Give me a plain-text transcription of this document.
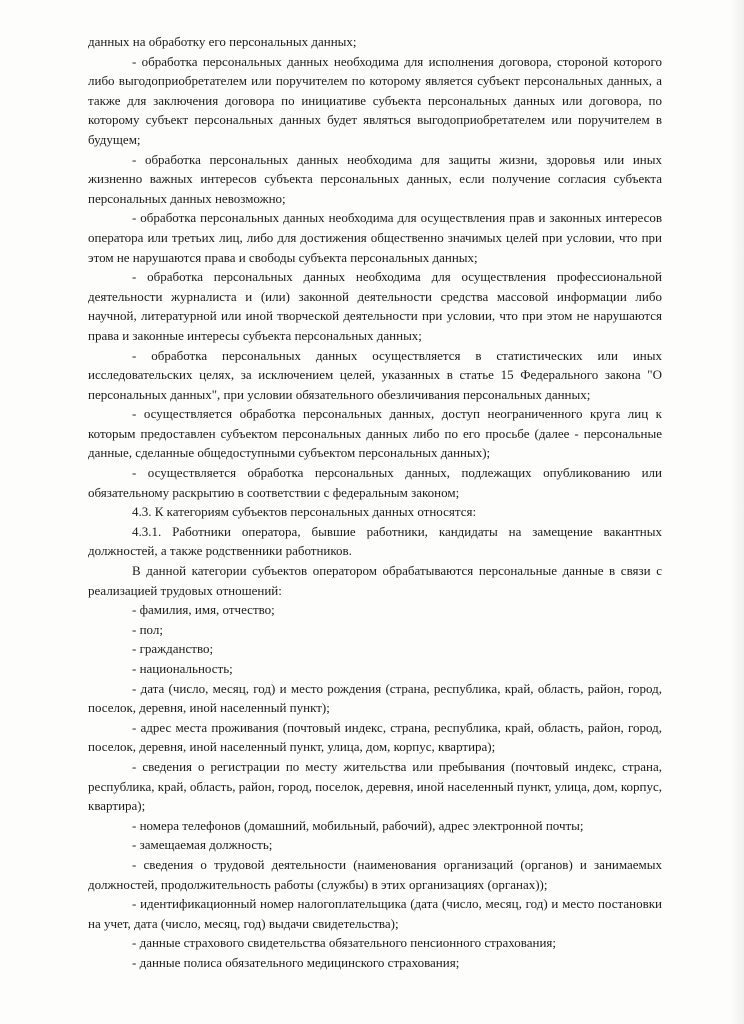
данных на обработку его персональных данных;

- обработка персональных данных необходима для исполнения договора, стороной которого либо выгодоприобретателем или поручителем по которому является субъект персональных данных, а также для заключения договора по инициативе субъекта персональных данных или договора, по которому субъект персональных данных будет являться выгодоприобретателем или поручителем в будущем;

- обработка персональных данных необходима для защиты жизни, здоровья или иных жизненно важных интересов субъекта персональных данных, если получение согласия субъекта персональных данных невозможно;

- обработка персональных данных необходима для осуществления прав и законных интересов оператора или третьих лиц, либо для достижения общественно значимых целей при условии, что при этом не нарушаются права и свободы субъекта персональных данных;

- обработка персональных данных необходима для осуществления профессиональной деятельности журналиста и (или) законной деятельности средства массовой информации либо научной, литературной или иной творческой деятельности при условии, что при этом не нарушаются права и законные интересы субъекта персональных данных;

- обработка персональных данных осуществляется в статистических или иных исследовательских целях, за исключением целей, указанных в статье 15 Федерального закона "О персональных данных", при условии обязательного обезличивания персональных данных;

- осуществляется обработка персональных данных, доступ неограниченного круга лиц к которым предоставлен субъектом персональных данных либо по его просьбе (далее - персональные данные, сделанные общедоступными субъектом персональных данных);

- осуществляется обработка персональных данных, подлежащих опубликованию или обязательному раскрытию в соответствии с федеральным законом;

4.3. К категориям субъектов персональных данных относятся:

4.3.1. Работники оператора, бывшие работники, кандидаты на замещение вакантных должностей, а также родственники работников.

В данной категории субъектов оператором обрабатываются персональные данные в связи с реализацией трудовых отношений:

- фамилия, имя, отчество;

- пол;

- гражданство;

- национальность;

- дата (число, месяц, год) и место рождения (страна, республика, край, область, район, город, поселок, деревня, иной населенный пункт);

- адрес места проживания (почтовый индекс, страна, республика, край, область, район, город, поселок, деревня, иной населенный пункт, улица, дом, корпус, квартира);

- сведения о регистрации по месту жительства или пребывания (почтовый индекс, страна, республика, край, область, район, город, поселок, деревня, иной населенный пункт, улица, дом, корпус, квартира);

- номера телефонов (домашний, мобильный, рабочий), адрес электронной почты;

- замещаемая должность;

- сведения о трудовой деятельности (наименования организаций (органов) и занимаемых должностей, продолжительность работы (службы) в этих организациях (органах));

- идентификационный номер налогоплательщика (дата (число, месяц, год) и место постановки на учет, дата (число, месяц, год) выдачи свидетельства);

- данные страхового свидетельства обязательного пенсионного страхования;

- данные полиса обязательного медицинского страхования;
